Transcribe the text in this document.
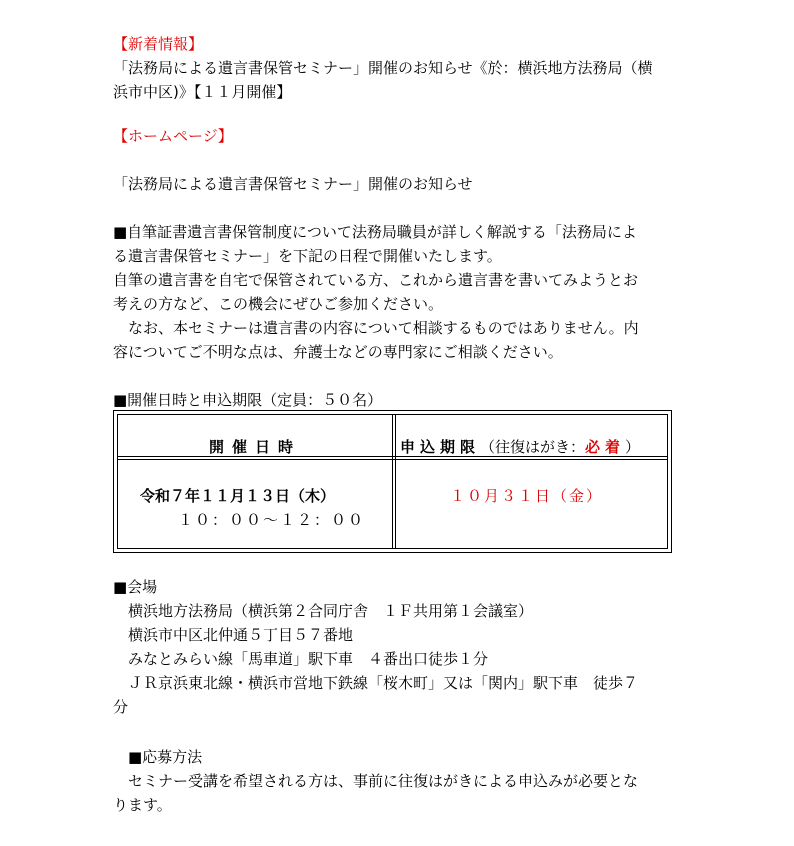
【新着情報】

「法務局による遺言書保管セミナー」開催のお知らせ《於：横浜地方法務局（横

浜市中区)》【１１月開催】

【ホームページ】

「法務局による遺言書保管セミナー」開催のお知らせ

■自筆証書遺言書保管制度について法務局職員が詳しく解説する「法務局によ

る遺言書保管セミナー」を下記の日程で開催いたします。

自筆の遺言書を自宅で保管されている方、これから遺言書を書いてみようとお

考えの方など、この機会にぜひご参加ください。

　なお、本セミナーは遺言書の内容について相談するものではありません。内

容についてご不明な点は、弁護士などの専門家にご相談ください。

■開催日時と申込期限（定員：５０名）

開催日時	申込期限（往復はがき：必着）
令和７年１１月１３日（木）
１０：００～１２：００
１０月３１日（金）

■会場

　横浜地方法務局（横浜第２合同庁舎　１Ｆ共用第１会議室）

　横浜市中区北仲通５丁目５７番地

　みなとみらい線「馬車道」駅下車　４番出口徒歩１分

　ＪＲ京浜東北線・横浜市営地下鉄線「桜木町」又は「関内」駅下車　徒歩７

分

　■応募方法

　セミナー受講を希望される方は、事前に往復はがきによる申込みが必要とな

ります。
